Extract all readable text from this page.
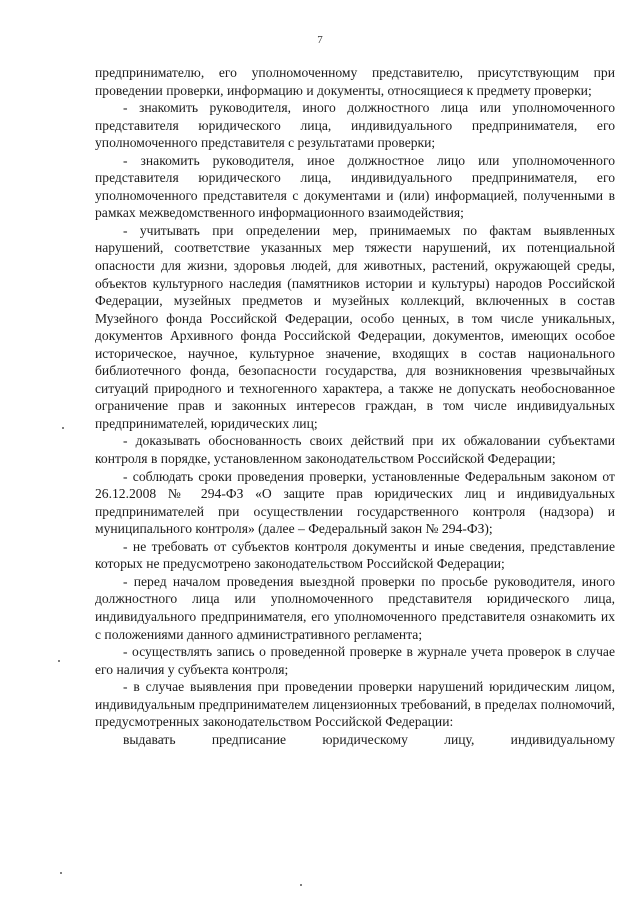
7

предпринимателю, его уполномоченному представителю, присутствующим при проведении проверки, информацию и документы, относящиеся к предмету проверки;

- знакомить руководителя, иного должностного лица или уполномоченного представителя юридического лица, индивидуального предпринимателя, его уполномоченного представителя с результатами проверки;

- знакомить руководителя, иное должностное лицо или уполномоченного представителя юридического лица, индивидуального предпринимателя, его уполномоченного представителя с документами и (или) информацией, полученными в рамках межведомственного информационного взаимодействия;

- учитывать при определении мер, принимаемых по фактам выявленных нарушений, соответствие указанных мер тяжести нарушений, их потенциальной опасности для жизни, здоровья людей, для животных, растений, окружающей среды, объектов культурного наследия (памятников истории и культуры) народов Российской Федерации, музейных предметов и музейных коллекций, включенных в состав Музейного фонда Российской Федерации, особо ценных, в том числе уникальных, документов Архивного фонда Российской Федерации, документов, имеющих особое историческое, научное, культурное значение, входящих в состав национального библиотечного фонда, безопасности государства, для возникновения чрезвычайных ситуаций природного и техногенного характера, а также не допускать необоснованное ограничение прав и законных интересов граждан, в том числе индивидуальных предпринимателей, юридических лиц;

- доказывать обоснованность своих действий при их обжаловании субъектами контроля в порядке, установленном законодательством Российской Федерации;

- соблюдать сроки проведения проверки, установленные Федеральным законом от 26.12.2008 № 294-ФЗ «О защите прав юридических лиц и индивидуальных предпринимателей при осуществлении государственного контроля (надзора) и муниципального контроля» (далее – Федеральный закон № 294-ФЗ);

- не требовать от субъектов контроля документы и иные сведения, представление которых не предусмотрено законодательством Российской Федерации;

- перед началом проведения выездной проверки по просьбе руководителя, иного должностного лица или уполномоченного представителя юридического лица, индивидуального предпринимателя, его уполномоченного представителя ознакомить их с положениями данного административного регламента;

- осуществлять запись о проведенной проверке в журнале учета проверок в случае его наличия у субъекта контроля;

- в случае выявления при проведении проверки нарушений юридическим лицом, индивидуальным предпринимателем лицензионных требований, в пределах полномочий, предусмотренных законодательством Российской Федерации:

выдавать	предписание	юридическому	лицу,	индивидуальному
